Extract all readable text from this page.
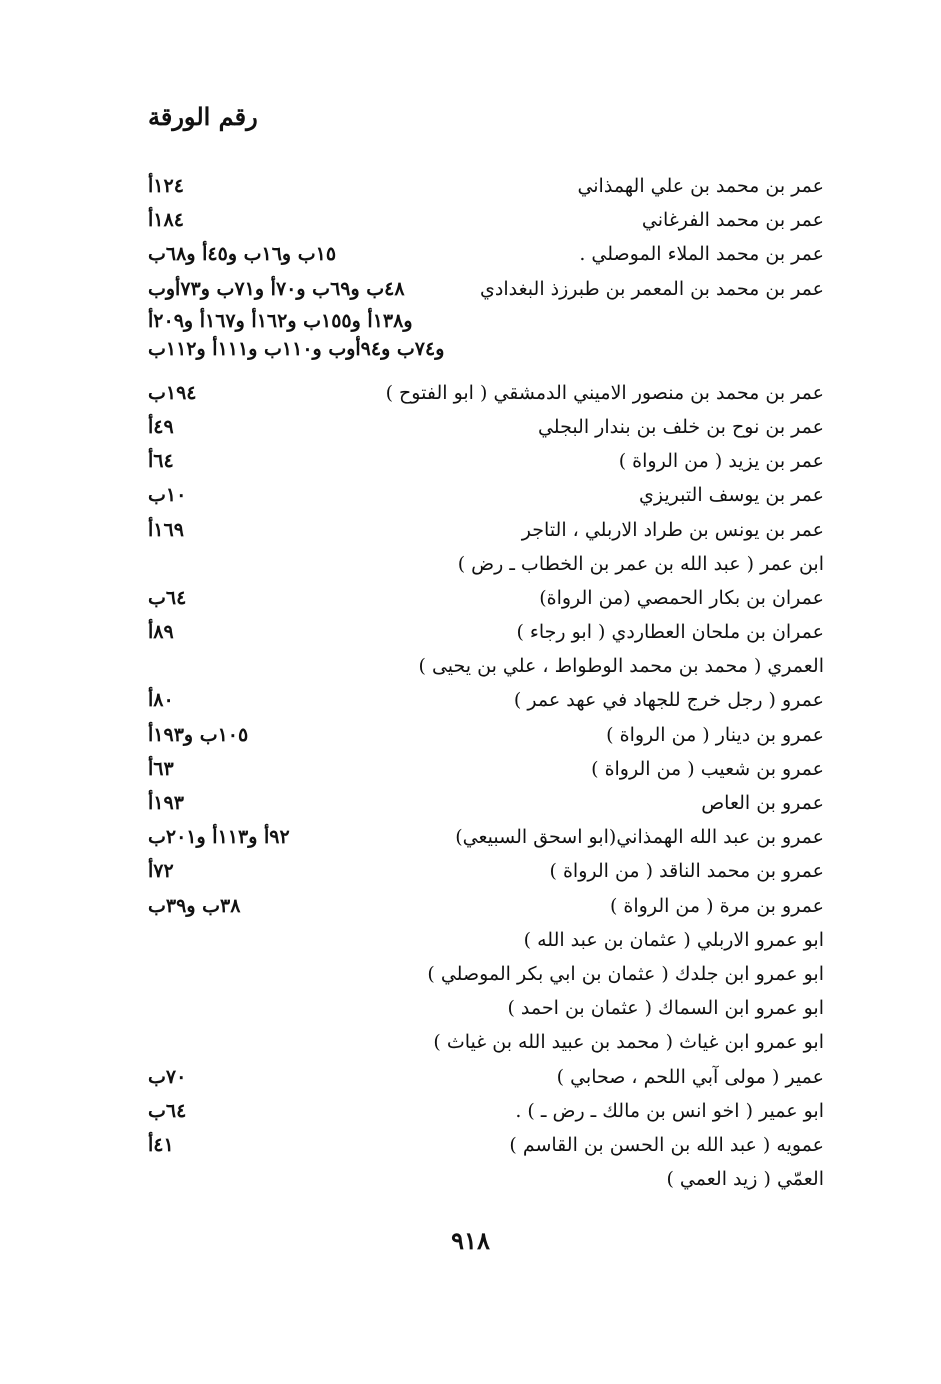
رقم الورقة
عمر بن محمد بن علي الهمذاني
١٢٤أ
عمر بن محمد الفرغاني
١٨٤أ
عمر بن محمد الملاء الموصلي .
١٥ب و١٦ب و٤٥أ و٦٨ب
عمر بن محمد بن المعمر بن طبرزذ البغدادي
٤٨ب و٦٩ب و٧٠أ و٧١ب و٧٣أوب
و١٣٨أ و١٥٥ب و١٦٢أ و١٦٧أ و٢٠٩أ
و٧٤ب و٩٤أوب و١١٠ب و١١١أ و١١٢ب
عمر بن محمد بن منصور الاميني الدمشقي ( ابو الفتوح )
١٩٤ب
عمر بن نوح بن خلف بن بندار البجلي
٤٩أ
عمر بن يزيد ( من الرواة )
٦٤أ
عمر بن يوسف التبريزي
١٠ب
عمر بن يونس بن طراد الاربلي ، التاجر
١٦٩أ
ابن عمر ( عبد الله بن عمر بن الخطاب ـ رض )
عمران بن بكار الحمصي (من الرواة)
٦٤ب
عمران بن ملحان العطاردي ( ابو رجاء )
٨٩أ
العمري ( محمد بن محمد الوطواط ، علي بن يحيى )
عمرو ( رجل خرج للجهاد في عهد عمر )
٨٠أ
عمرو بن دينار ( من الرواة )
١٠٥ب و١٩٣أ
عمرو بن شعيب ( من الرواة )
٦٣أ
عمرو بن العاص
١٩٣أ
عمرو بن عبد الله الهمذاني(ابو اسحق السبيعي)
٩٢أ و١١٣أ و٢٠١ب
عمرو بن محمد الناقد ( من الرواة )
٧٢أ
عمرو بن مرة ( من الرواة )
٣٨ب و٣٩ب
ابو عمرو الاربلي ( عثمان بن عبد الله )
ابو عمرو ابن جلدك ( عثمان بن ابي بكر الموصلي )
ابو عمرو ابن السماك ( عثمان بن احمد )
ابو عمرو ابن غياث ( محمد بن عبيد الله بن غياث )
عمير ( مولى آبي اللحم ، صحابي )
٧٠ب
ابو عمير ( اخو انس بن مالك ـ رض ـ ) .
٦٤ب
عمويه ( عبد الله بن الحسن بن القاسم )
٤١أ
العمّي ( زيد العمي )
٩١٨
